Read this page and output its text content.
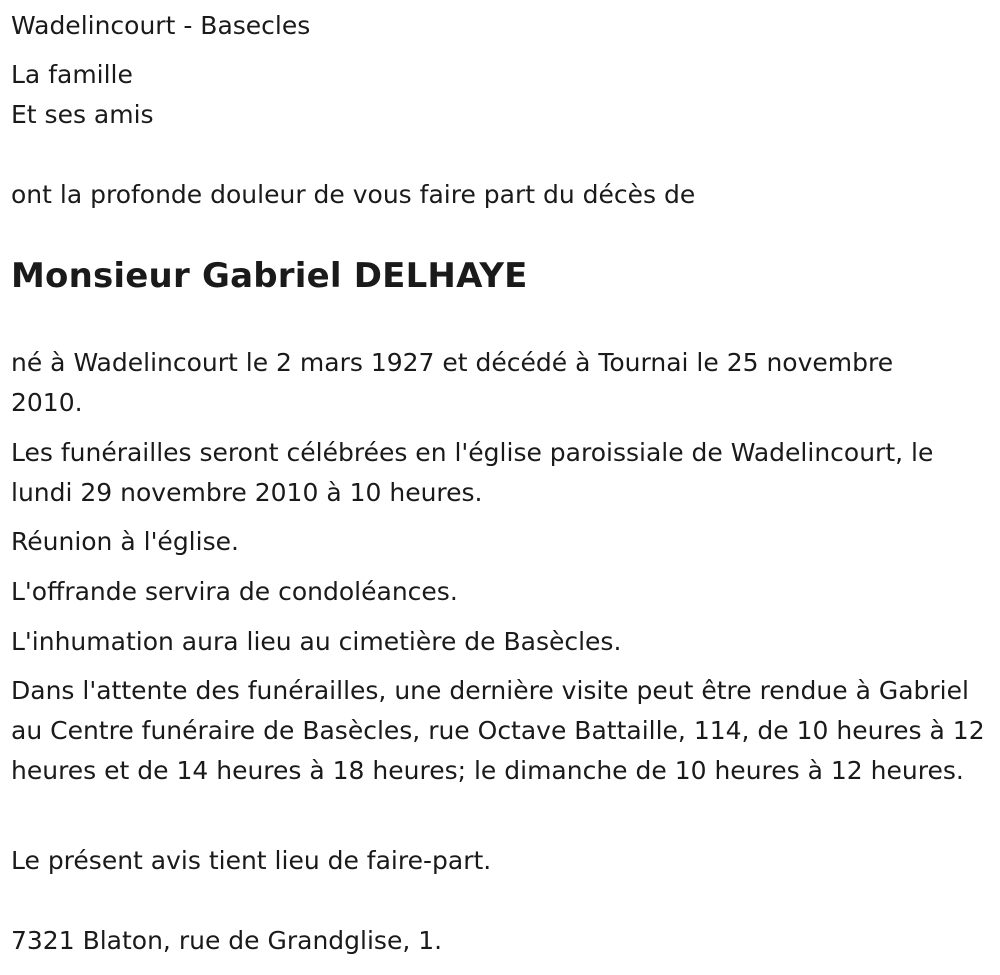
Wadelincourt - Basecles

La famille

Et ses amis

ont la profonde douleur de vous faire part du décès de

Monsieur Gabriel DELHAYE

né à Wadelincourt le 2 mars 1927 et décédé à Tournai le 25 novembre 2010.

Les funérailles seront célébrées en l'église paroissiale de Wadelincourt, le lundi 29 novembre 2010 à 10 heures.

Réunion à l'église.

L'offrande servira de condoléances.

L'inhumation aura lieu au cimetière de Basècles.

Dans l'attente des funérailles, une dernière visite peut être rendue à Gabriel au Centre funéraire de Basècles, rue Octave Battaille, 114, de 10 heures à 12 heures et de 14 heures à 18 heures; le dimanche de 10 heures à 12 heures.

Le présent avis tient lieu de faire-part.

7321 Blaton, rue de Grandglise, 1.
